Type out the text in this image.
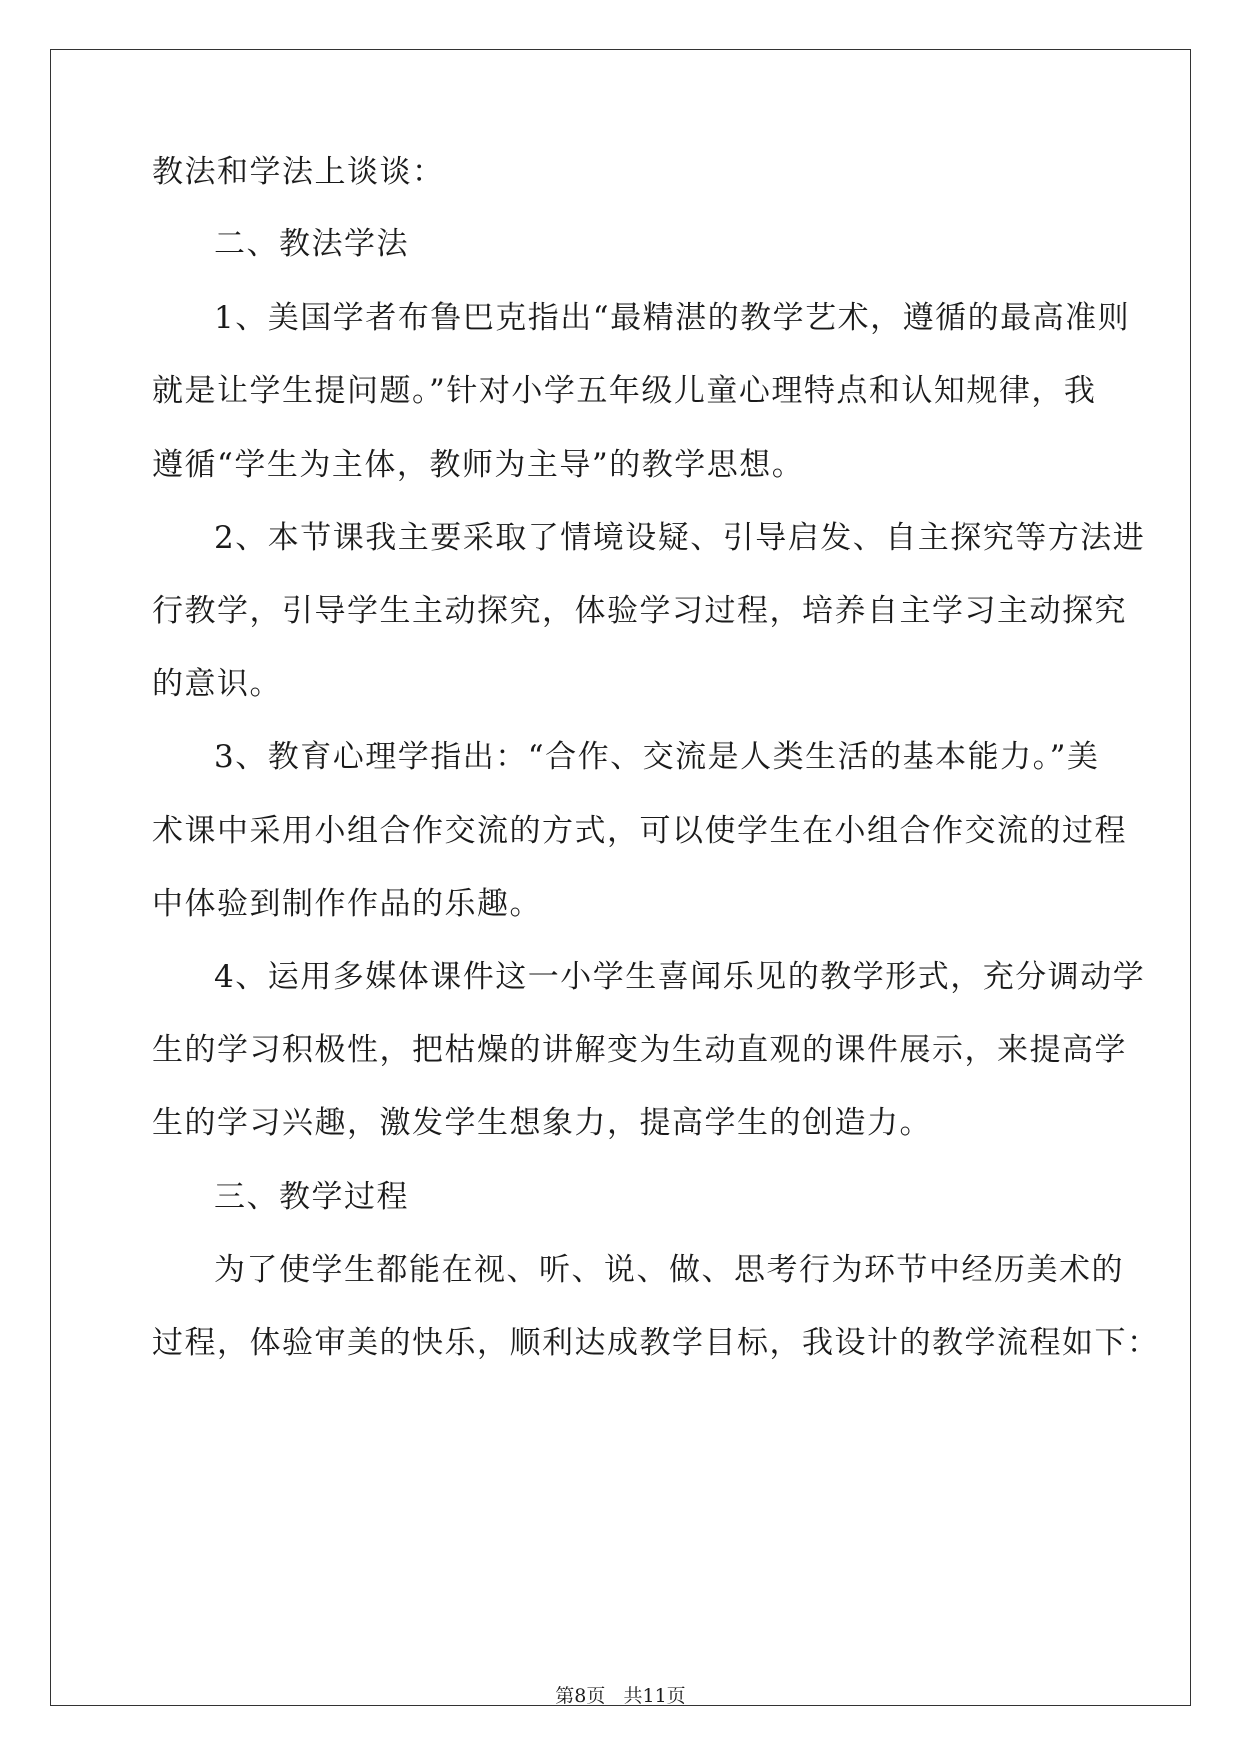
教法和学法上谈谈：
二、教法学法
1、美国学者布鲁巴克指出“最精湛的教学艺术，遵循的最高准则
就是让学生提问题。”针对小学五年级儿童心理特点和认知规律，我
遵循“学生为主体，教师为主导”的教学思想。
2、本节课我主要采取了情境设疑、引导启发、自主探究等方法进
行教学，引导学生主动探究，体验学习过程，培养自主学习主动探究
的意识。
3、教育心理学指出：“合作、交流是人类生活的基本能力。”美
术课中采用小组合作交流的方式，可以使学生在小组合作交流的过程
中体验到制作作品的乐趣。
4、运用多媒体课件这一小学生喜闻乐见的教学形式，充分调动学
生的学习积极性，把枯燥的讲解变为生动直观的课件展示，来提高学
生的学习兴趣，激发学生想象力，提高学生的创造力。
三、教学过程
为了使学生都能在视、听、说、做、思考行为环节中经历美术的
过程，体验审美的快乐，顺利达成教学目标，我设计的教学流程如下：
第8页   共11页
